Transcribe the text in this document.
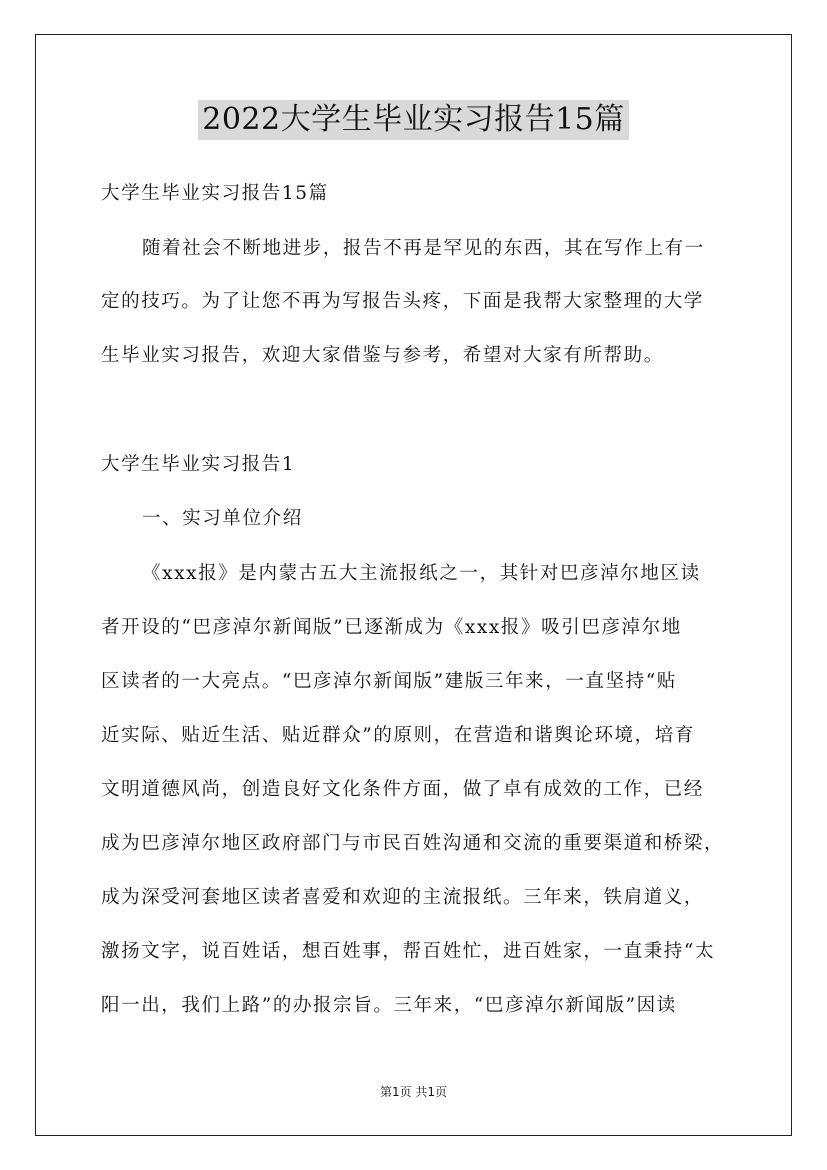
2022大学生毕业实习报告15篇
大学生毕业实习报告15篇
随着社会不断地进步，报告不再是罕见的东西，其在写作上有一
定的技巧。为了让您不再为写报告头疼，下面是我帮大家整理的大学
生毕业实习报告，欢迎大家借鉴与参考，希望对大家有所帮助。
大学生毕业实习报告1
一、实习单位介绍
《xxx报》是内蒙古五大主流报纸之一，其针对巴彦淖尔地区读
者开设的“巴彦淖尔新闻版”已逐渐成为《xxx报》吸引巴彦淖尔地
区读者的一大亮点。“巴彦淖尔新闻版”建版三年来，一直坚持“贴
近实际、贴近生活、贴近群众”的原则，在营造和谐舆论环境，培育
文明道德风尚，创造良好文化条件方面，做了卓有成效的工作，已经
成为巴彦淖尔地区政府部门与市民百姓沟通和交流的重要渠道和桥梁，
成为深受河套地区读者喜爱和欢迎的主流报纸。三年来，铁肩道义，
激扬文字，说百姓话，想百姓事，帮百姓忙，进百姓家，一直秉持“太
阳一出，我们上路”的办报宗旨。三年来，“巴彦淖尔新闻版”因读
第1页 共1页
